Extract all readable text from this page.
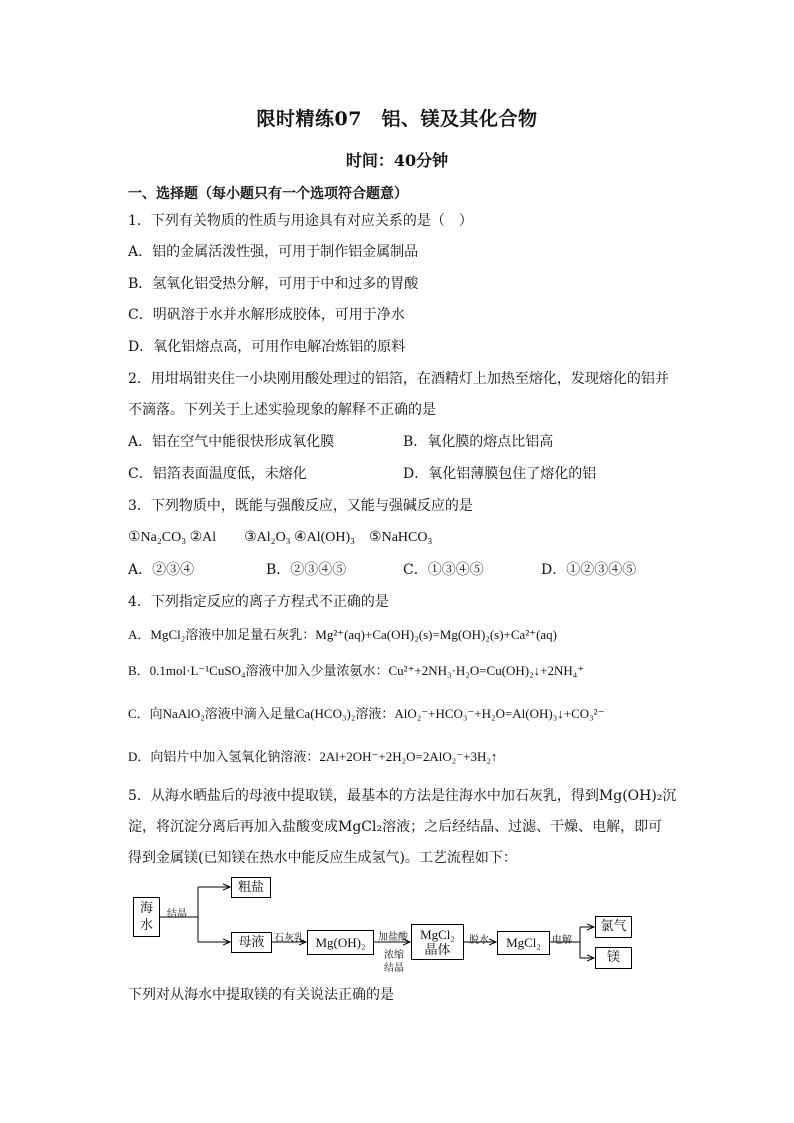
限时精练07　铝、镁及其化合物
时间：40分钟
一、选择题（每小题只有一个选项符合题意）
1．下列有关物质的性质与用途具有对应关系的是（　）
A．铝的金属活泼性强，可用于制作铝金属制品
B．氢氧化铝受热分解，可用于中和过多的胃酸
C．明矾溶于水并水解形成胶体，可用于净水
D．氧化铝熔点高，可用作电解冶炼铝的原料
2．用坩埚钳夹住一小块刚用酸处理过的铝箔，在酒精灯上加热至熔化，发现熔化的铝并
不滴落。下列关于上述实验现象的解释不正确的是
A．铝在空气中能很快形成氧化膜	B．氧化膜的熔点比铝高
C．铝箔表面温度低，未熔化	D．氧化铝薄膜包住了熔化的铝
3．下列物质中，既能与强酸反应，又能与强碱反应的是
①Na₂CO₃ ②Al　　③Al₂O₃ ④Al(OH)₃　⑤NaHCO₃
A．②③④	B．②③④⑤	C．①③④⑤	D．①②③④⑤
4．下列指定反应的离子方程式不正确的是
A．MgCl₂溶液中加足量石灰乳：Mg²⁺(aq)+Ca(OH)₂(s)=Mg(OH)₂(s)+Ca²⁺(aq)
B．0.1mol·L⁻¹CuSO₄溶液中加入少量浓氨水：Cu²⁺+2NH₃·H₂O=Cu(OH)₂↓+2NH₄⁺
C．向NaAlO₂溶液中滴入足量Ca(HCO₃)₂溶液：AlO₂⁻+HCO₃⁻+H₂O=Al(OH)₃↓+CO₃²⁻
D．向铝片中加入氢氧化钠溶液：2Al+2OH⁻+2H₂O=2AlO₂⁻+3H₂↑
5．从海水晒盐后的母液中提取镁，最基本的方法是往海水中加石灰乳，得到Mg(OH)₂沉
淀，将沉淀分离后再加入盐酸变成MgCl₂溶液；之后经结晶、过滤、干燥、电解，即可
得到金属镁(已知镁在热水中能反应生成氢气)。工艺流程如下：
海水
结晶
粗盐
母液 石灰乳 Mg(OH)₂	加盐酸
浓缩
结晶
MgCl₂
晶体
脱水	MgCl₂	电解
氯气
镁
下列对从海水中提取镁的有关说法正确的是
